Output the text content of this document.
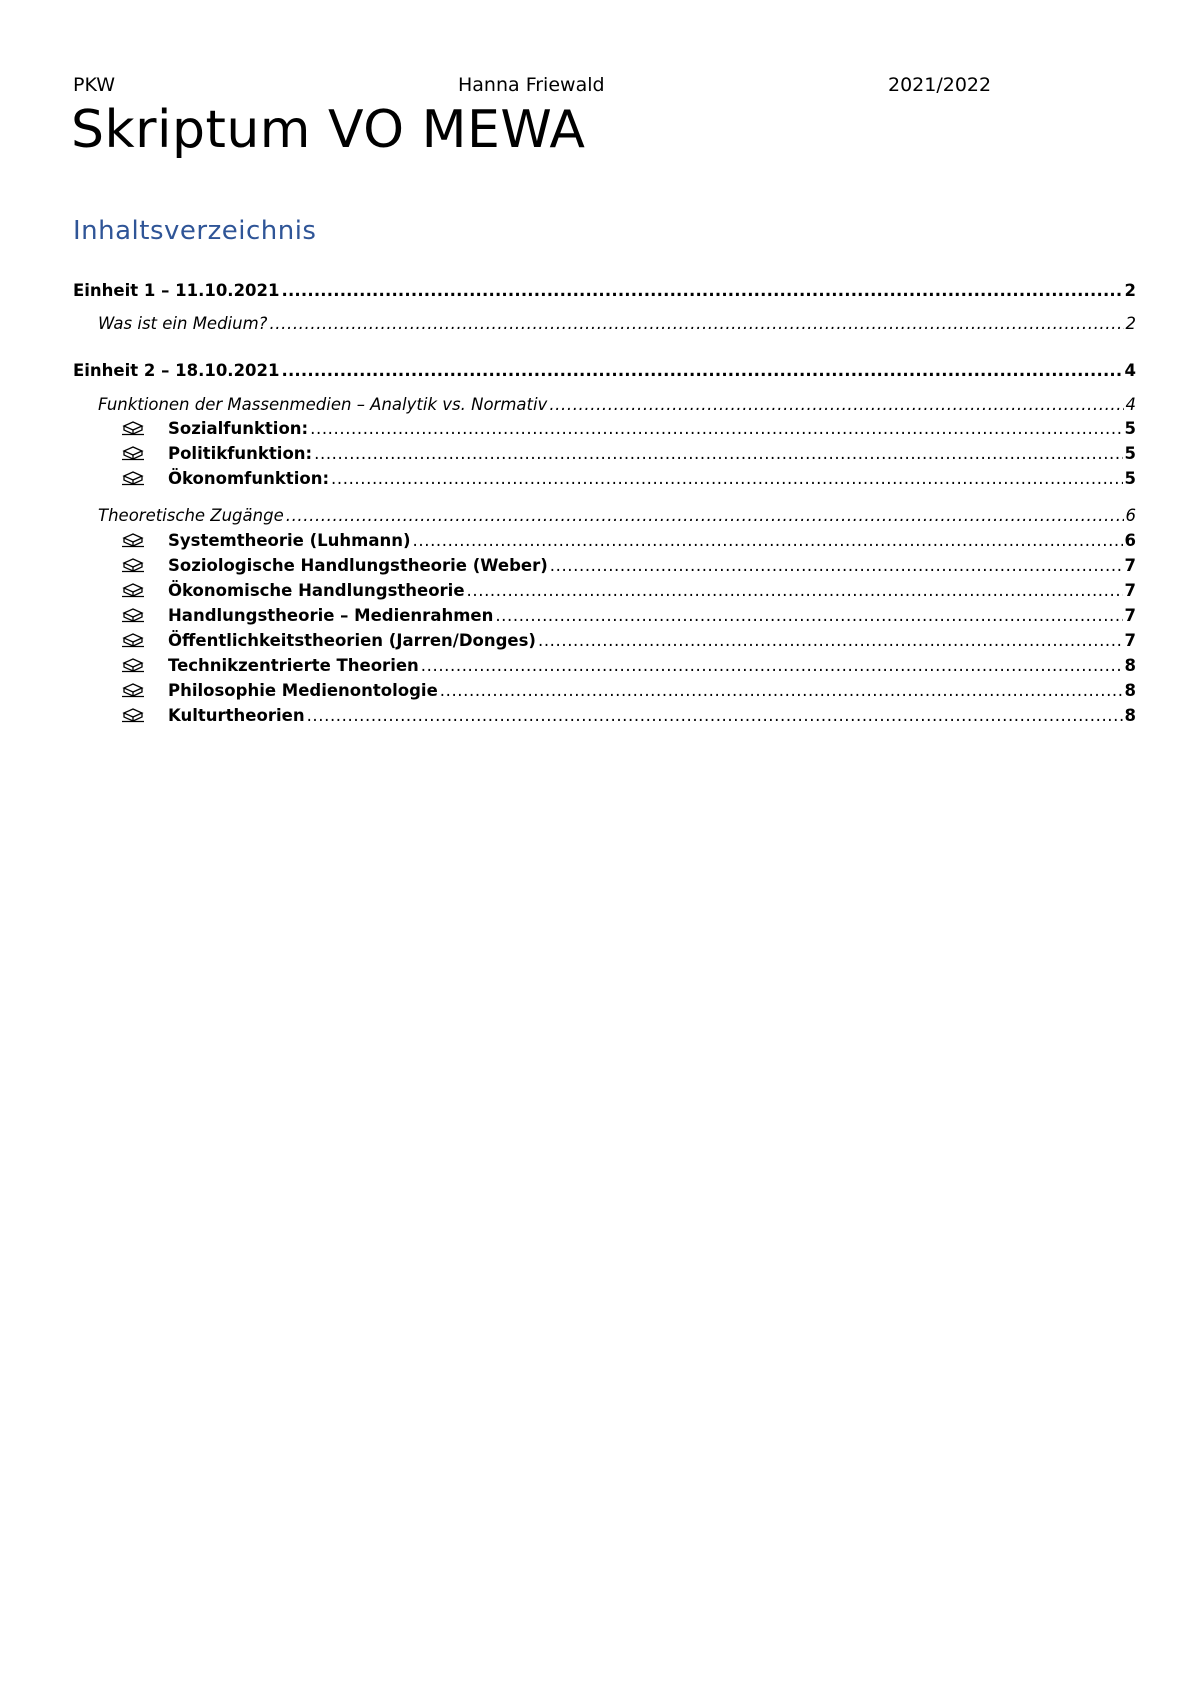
PKW	Hanna Friewald	2021/2022
Skriptum VO MEWA
Inhaltsverzeichnis
Einheit 1 – 11.10.2021 .....	2
Was ist ein Medium? .....	2
Einheit 2 – 18.10.2021 .....	4
Funktionen der Massenmedien – Analytik vs. Normativ .....	4
Sozialfunktion: .....	5
Politikfunktion: .....	5
Ökonomfunktion: .....	5
Theoretische Zugänge .....	6
Systemtheorie (Luhmann) .....	6
Soziologische Handlungstheorie (Weber) .....	7
Ökonomische Handlungstheorie .....	7
Handlungstheorie – Medienrahmen .....	7
Öffentlichkeitstheorien (Jarren/Donges) .....	7
Technikzentrierte Theorien .....	8
Philosophie Medienontologie .....	8
Kulturtheorien .....	8
